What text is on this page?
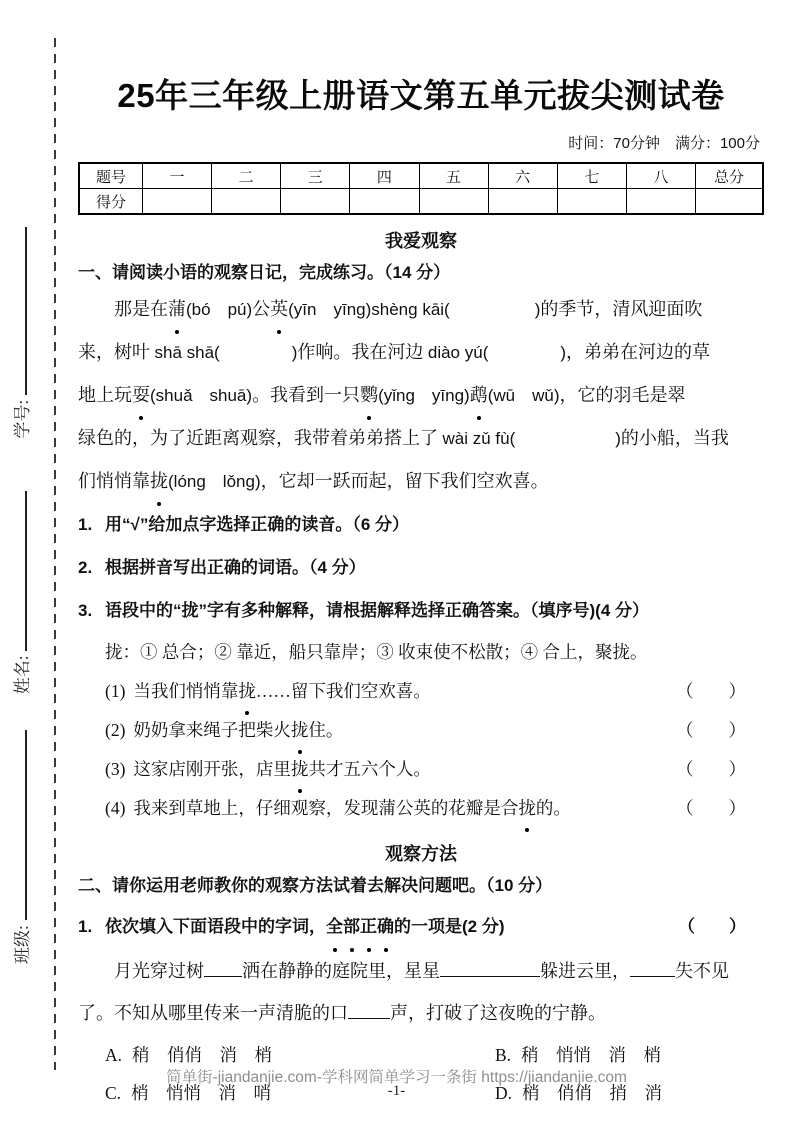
班级:姓名:学号:
25年三年级上册语文第五单元拔尖测试卷
时间：70分钟　满分：100分
题号	一	二	三	四	五	六	七	八	总分
得分									
我爱观察
一、请阅读小语的观察日记，完成练习。（14 分）
　　那是在蒲(bó　pú)公英(yīn　yīng)shèng kāi(	)的季节，清风迎面吹
来，树叶 shā shā(	)作响。我在河边 diào yú(	)，弟弟在河边的草
地上玩耍(shuǎ　shuā)。我看到一只鹦(yǐng　yīng)鹉(wū　wǔ)，它的羽毛是翠
绿色的，为了近距离观察，我带着弟弟搭上了 wài zǔ fù(	)的小船，当我
们悄悄靠拢(lóng　lǒng)，它却一跃而起，留下我们空欢喜。
1. 用“√”给加点字选择正确的读音。（6 分）
2. 根据拼音写出正确的词语。（4 分）
3. 语段中的“拢”字有多种解释，请根据解释选择正确答案。（填序号)(4 分）
拢：① 总合；② 靠近，船只靠岸；③ 收束使不松散；④ 合上，聚拢。
(1) 当我们悄悄靠拢……留下我们空欢喜。	（　　）
(2) 奶奶拿来绳子把柴火拢住。	（　　）
(3) 这家店刚开张，店里拢共才五六个人。	（　　）
(4) 我来到草地上，仔细观察，发现蒲公英的花瓣是合拢的。	（　　）
观察方法
二、请你运用老师教你的观察方法试着去解决问题吧。（10 分）
1. 依次填入下面语段中的字词，全部正确的一项是(2 分)	（　　）
　　月光穿过树 洒在静静的庭院里，星星	躲进云里，	失不见
了。不知从哪里传来一声清脆的口 声，打破了这夜晚的宁静。
A. 稍　俏俏　消　梢	B. 稍　悄悄　消　梢
C. 梢　悄悄　消　哨	D. 梢　俏俏　捎　消
简单街-jiandanjie.com-学科网简单学习一条街 https://jiandanjie.com
-1-
